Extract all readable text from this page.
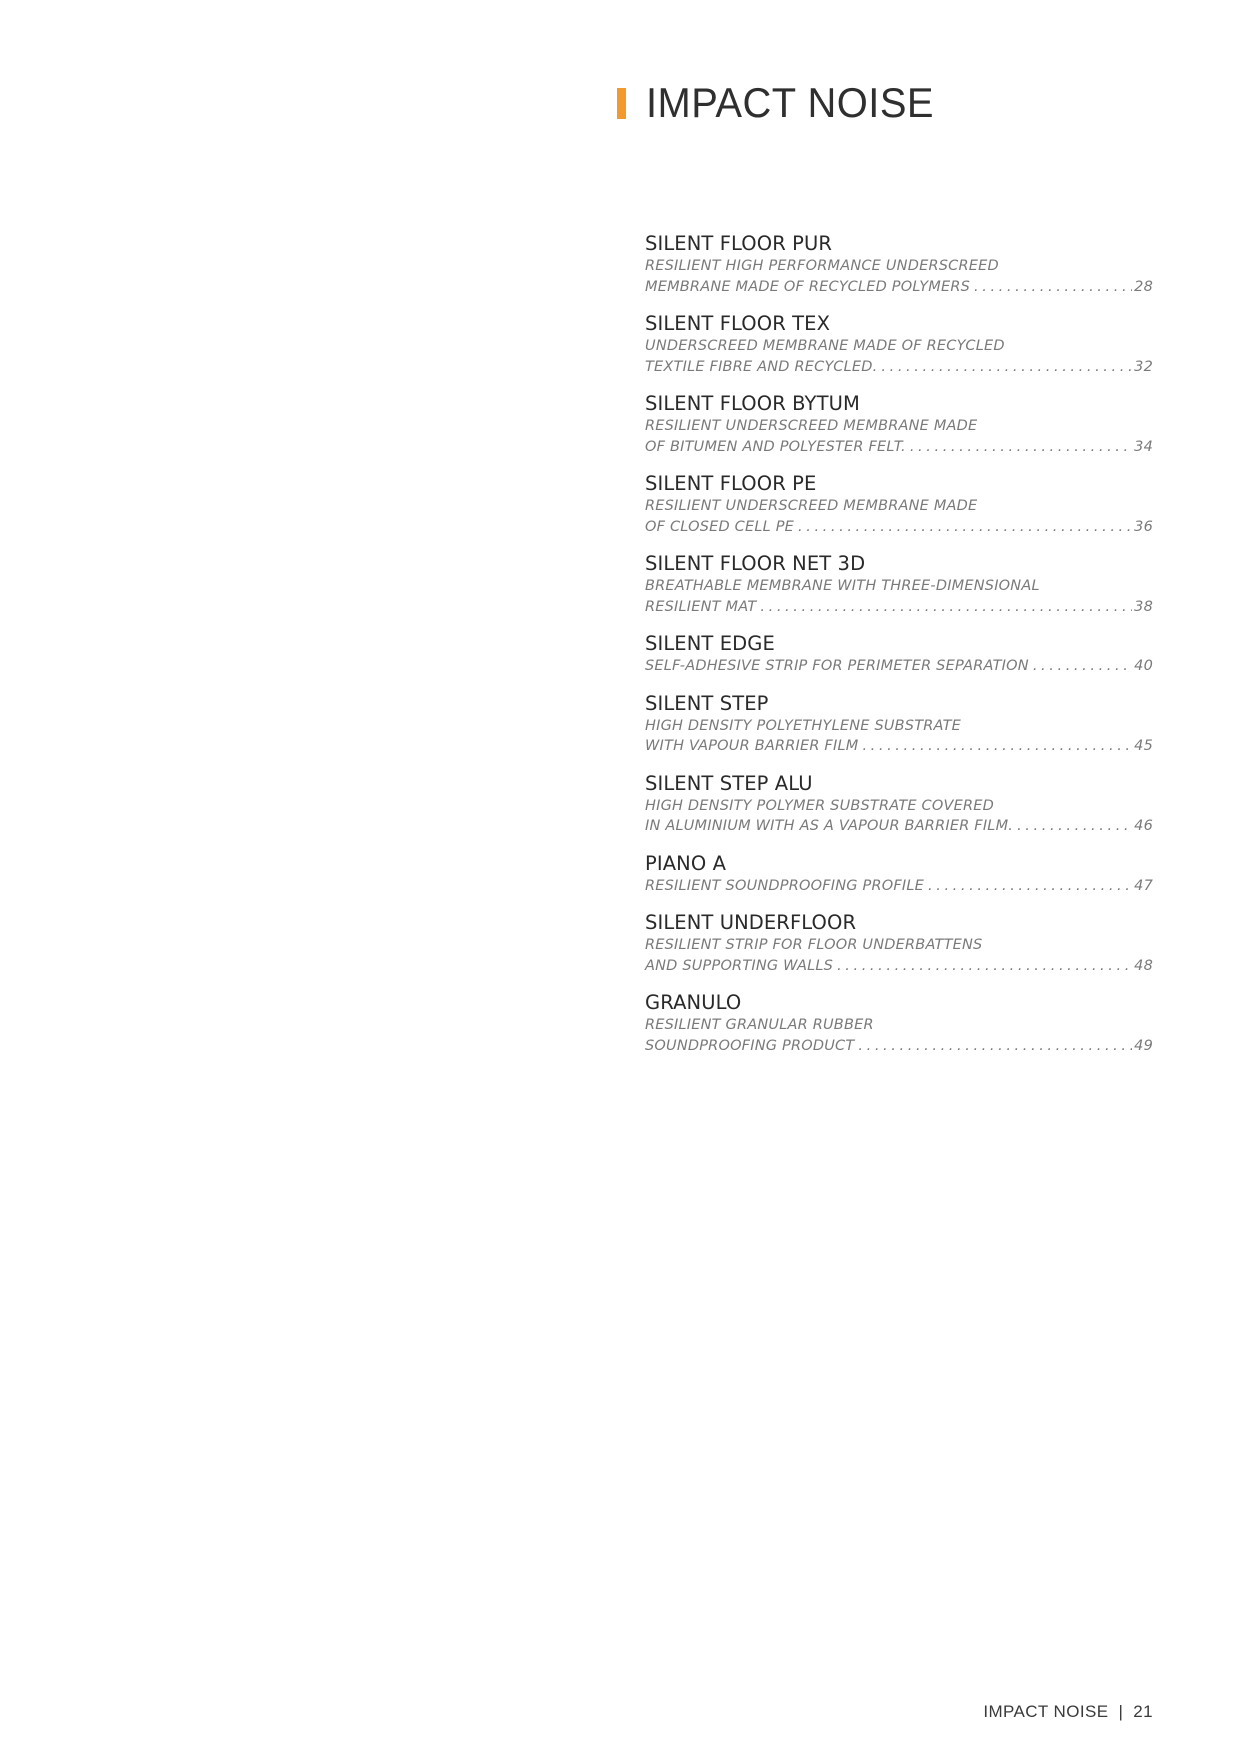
IMPACT NOISE
SILENT FLOOR PUR
RESILIENT HIGH PERFORMANCE UNDERSCREED
MEMBRANE MADE OF RECYCLED POLYMERS . . .	28
SILENT FLOOR TEX
UNDERSCREED MEMBRANE MADE OF RECYCLED
TEXTILE FIBRE AND RECYCLED. . . .	32
SILENT FLOOR BYTUM
RESILIENT UNDERSCREED MEMBRANE MADE
OF BITUMEN AND POLYESTER FELT. . . .	34
SILENT FLOOR PE
RESILIENT UNDERSCREED MEMBRANE MADE
OF CLOSED CELL PE . . .	36
SILENT FLOOR NET 3D
BREATHABLE MEMBRANE WITH THREE-DIMENSIONAL
RESILIENT MAT . . .	38
SILENT EDGE
SELF-ADHESIVE STRIP FOR PERIMETER SEPARATION . . .	40
SILENT STEP
HIGH DENSITY POLYETHYLENE SUBSTRATE
WITH VAPOUR BARRIER FILM . . .	45
SILENT STEP ALU
HIGH DENSITY POLYMER SUBSTRATE COVERED
IN ALUMINIUM WITH AS A VAPOUR BARRIER FILM. . . .	46
PIANO A
RESILIENT SOUNDPROOFING PROFILE . . .	47
SILENT UNDERFLOOR
RESILIENT STRIP FOR FLOOR UNDERBATTENS
AND SUPPORTING WALLS . . .	48
GRANULO
RESILIENT GRANULAR RUBBER
SOUNDPROOFING PRODUCT . . .	49
IMPACT NOISE | 21
